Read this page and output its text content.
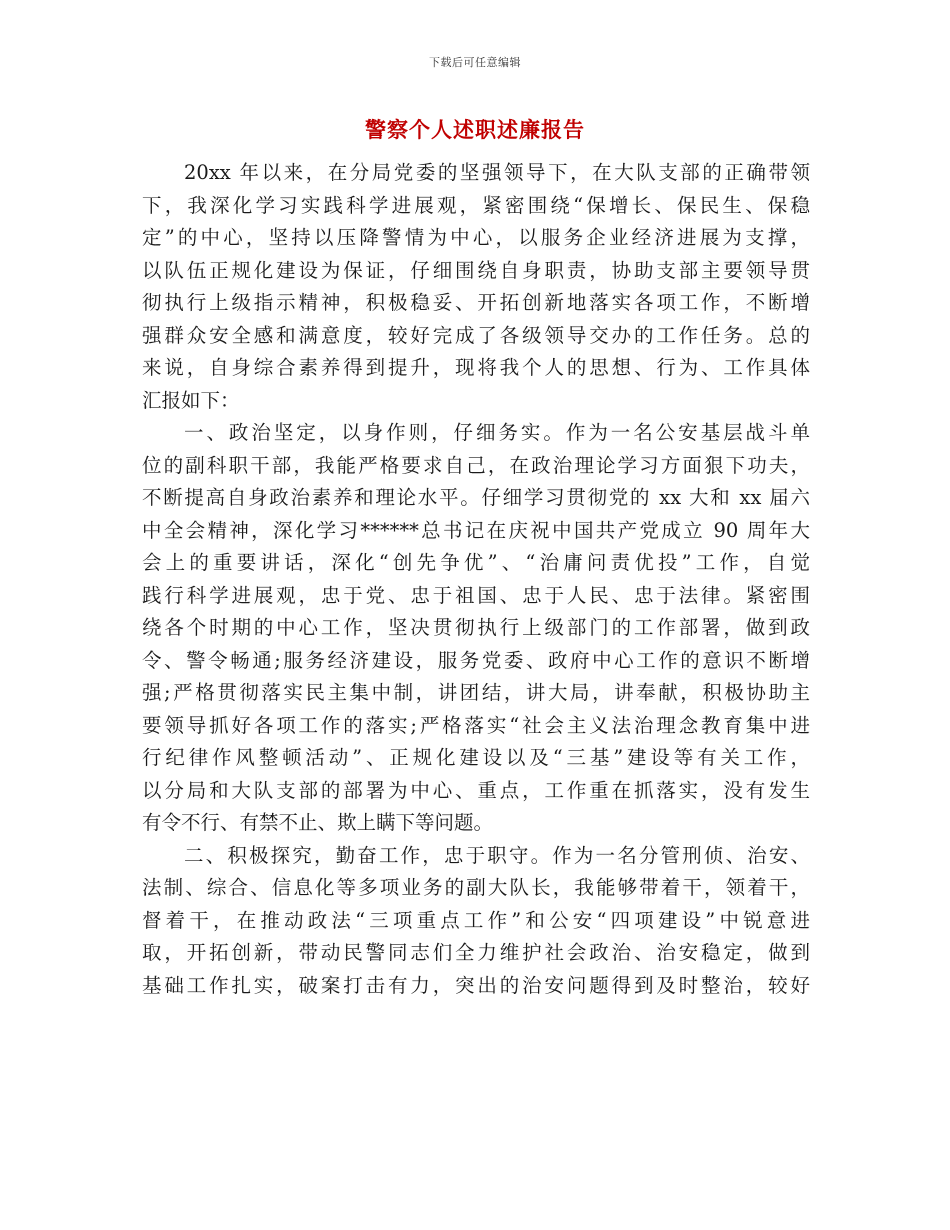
下载后可任意编辑
警察个人述职述廉报告
20xx 年以来，在分局党委的坚强领导下，在大队支部的正确带领
下，我深化学习实践科学进展观，紧密围绕“保增长、保民生、保稳
定”的中心，坚持以压降警情为中心，以服务企业经济进展为支撑，
以队伍正规化建设为保证，仔细围绕自身职责，协助支部主要领导贯
彻执行上级指示精神，积极稳妥、开拓创新地落实各项工作，不断增
强群众安全感和满意度，较好完成了各级领导交办的工作任务。总的
来说，自身综合素养得到提升，现将我个人的思想、行为、工作具体
汇报如下：
一、政治坚定，以身作则，仔细务实。作为一名公安基层战斗单
位的副科职干部，我能严格要求自己，在政治理论学习方面狠下功夫，
不断提高自身政治素养和理论水平。仔细学习贯彻党的 xx 大和 xx 届六
中全会精神，深化学习******总书记在庆祝中国共产党成立 90 周年大
会上的重要讲话，深化“创先争优”、“治庸问责优投”工作，自觉
践行科学进展观，忠于党、忠于祖国、忠于人民、忠于法律。紧密围
绕各个时期的中心工作，坚决贯彻执行上级部门的工作部署，做到政
令、警令畅通;服务经济建设，服务党委、政府中心工作的意识不断增
强;严格贯彻落实民主集中制，讲团结，讲大局，讲奉献，积极协助主
要领导抓好各项工作的落实;严格落实“社会主义法治理念教育集中进
行纪律作风整顿活动”、正规化建设以及“三基”建设等有关工作，
以分局和大队支部的部署为中心、重点，工作重在抓落实，没有发生
有令不行、有禁不止、欺上瞒下等问题。
二、积极探究，勤奋工作，忠于职守。作为一名分管刑侦、治安、
法制、综合、信息化等多项业务的副大队长，我能够带着干，领着干，
督着干，在推动政法“三项重点工作”和公安“四项建设”中锐意进
取，开拓创新，带动民警同志们全力维护社会政治、治安稳定，做到
基础工作扎实，破案打击有力，突出的治安问题得到及时整治，较好
